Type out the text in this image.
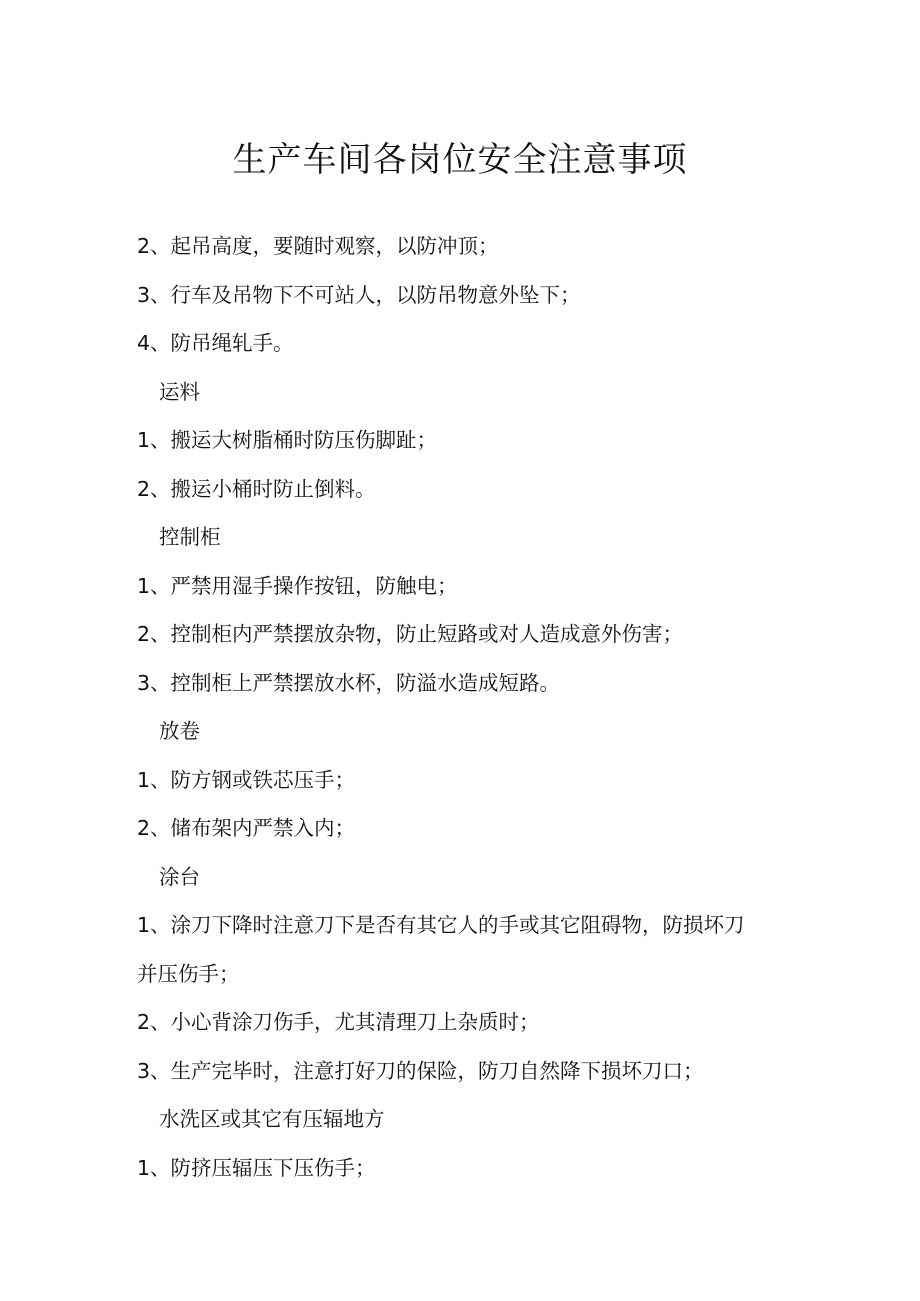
生产车间各岗位安全注意事项
2、起吊高度，要随时观察，以防冲顶；
3、行车及吊物下不可站人，以防吊物意外坠下；
4、防吊绳轧手。
运料
1、搬运大树脂桶时防压伤脚趾；
2、搬运小桶时防止倒料。
控制柜
1、严禁用湿手操作按钮，防触电；
2、控制柜内严禁摆放杂物，防止短路或对人造成意外伤害；
3、控制柜上严禁摆放水杯，防溢水造成短路。
放卷
1、防方钢或铁芯压手；
2、储布架内严禁入内；
涂台
1、涂刀下降时注意刀下是否有其它人的手或其它阻碍物，防损坏刀
并压伤手；
2、小心背涂刀伤手，尤其清理刀上杂质时；
3、生产完毕时，注意打好刀的保险，防刀自然降下损坏刀口；
水洗区或其它有压辐地方
1、防挤压辐压下压伤手；
